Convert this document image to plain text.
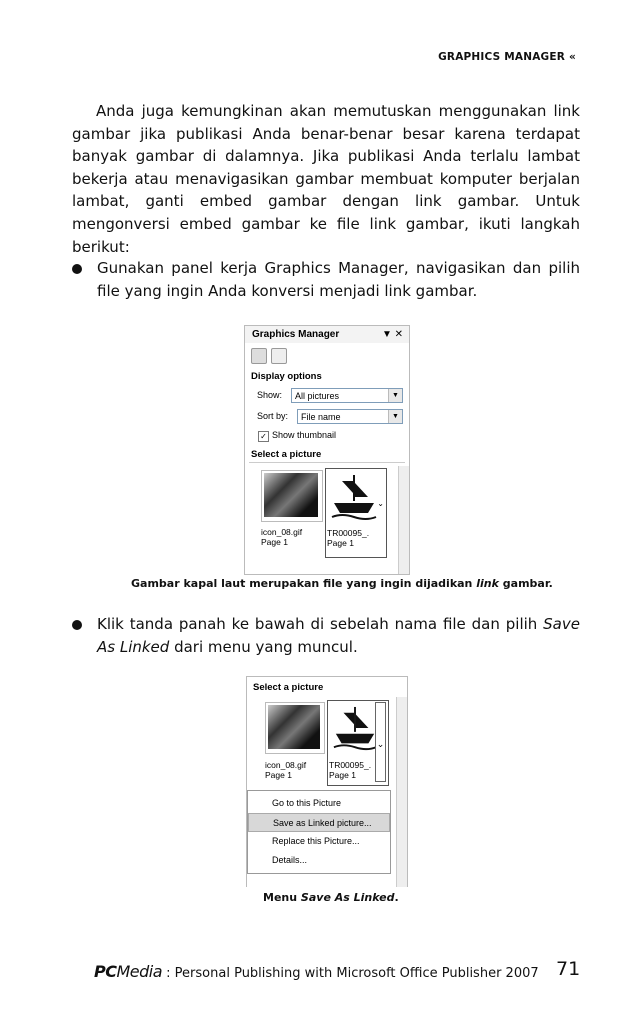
GRAPHICS MANAGER «

Anda juga kemungkinan akan memutuskan menggunakan link gambar jika publikasi Anda benar-benar besar karena terdapat banyak gambar di dalamnya. Jika publikasi Anda terlalu lambat bekerja atau menavigasikan gambar membuat komputer berjalan lambat, ganti embed gambar dengan link gambar. Untuk mengonversi embed gambar ke file link gambar, ikuti langkah berikut:

Gunakan panel kerja Graphics Manager, navigasikan dan pilih file yang ingin Anda konversi menjadi link gambar.
Graphics Manager	▼ ✕
Display options
Show:	All pictures	▼
Sort by:	File name	▼
✓ Show thumbnail
Select a picture
icon_08.gif
Page 1
TR00095_.
Page 1
⌄
Gambar kapal laut merupakan file yang ingin dijadikan link gambar.
Klik tanda panah ke bawah di sebelah nama file dan pilih Save As Linked dari menu yang muncul.
Select a picture
icon_08.gif
Page 1
TR00095_.
Page 1
⌄
Go to this Picture
Save as Linked picture...
Replace this Picture...
Details...
Menu Save As Linked.
PCMedia : Personal Publishing with Microsoft Office Publisher 2007 71
